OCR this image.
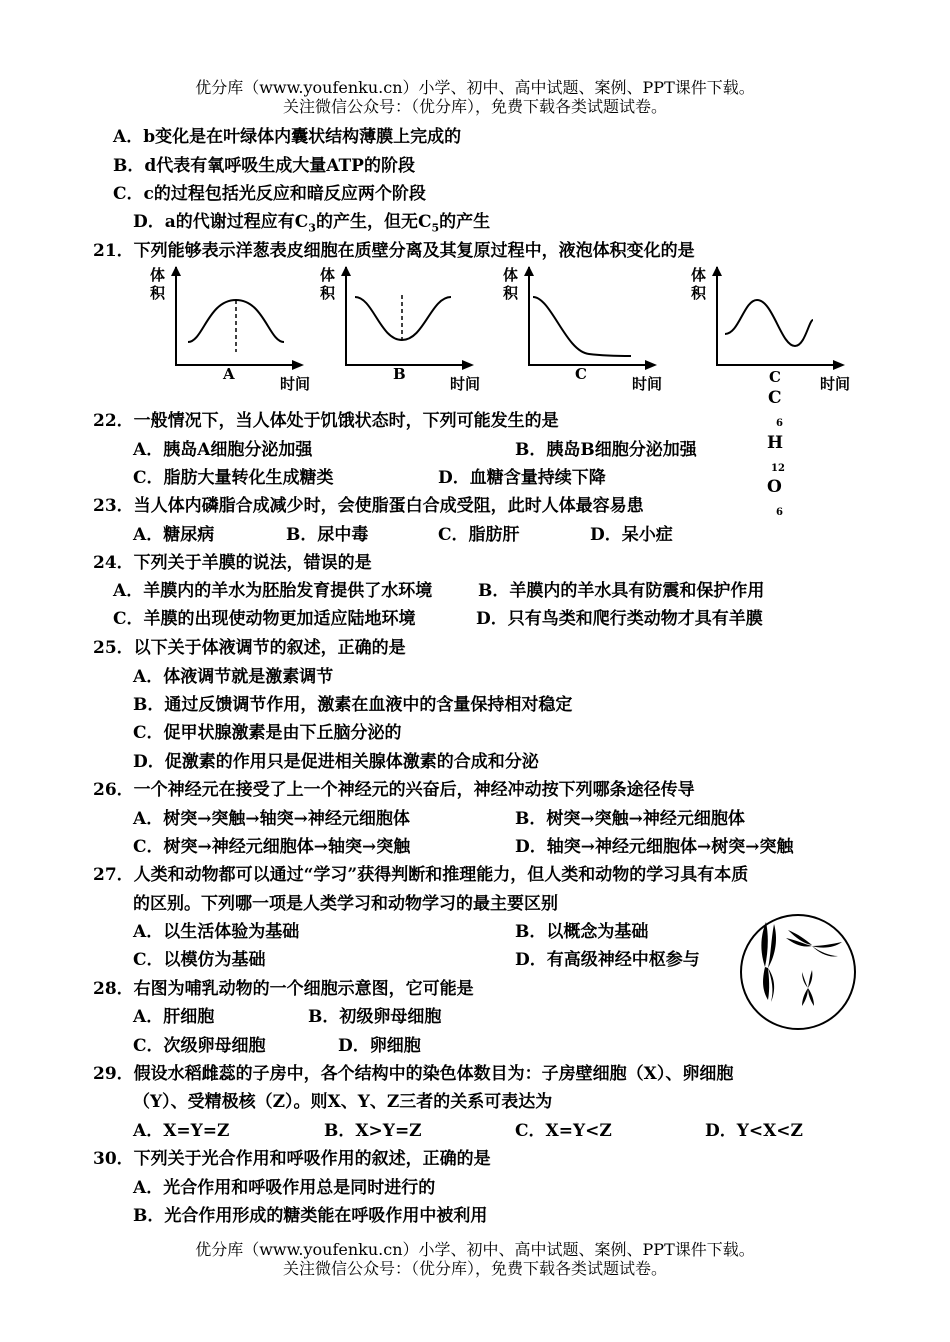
优分库（www.youfenku.cn）小学、初中、高中试题、案例、PPT课件下载。
关注微信公众号：（优分库），免费下载各类试题试卷。
A．b变化是在叶绿体内囊状结构薄膜上完成的
B．d代表有氧呼吸生成大量ATP的阶段
C．c的过程包括光反应和暗反应两个阶段
D．a的代谢过程应有$C_3$的产生，但无$C_5$的产生
21．下列能够表示洋葱表皮细胞在质壁分离及其复原过程中，液泡体积变化的是
体
积
A
时间
体
积
B
时间
体
积
C
时间
体
积
C	时间
C
6
H
12
O
6
22．一般情况下，当人体处于饥饿状态时，下列可能发生的是
A．胰岛A细胞分泌加强	B．胰岛B细胞分泌加强
C．脂肪大量转化生成糖类	D．血糖含量持续下降
23．当人体内磷脂合成减少时，会使脂蛋白合成受阻，此时人体最容易患
A．糖尿病	B．尿中毒	C．脂肪肝	D．呆小症
24．下列关于羊膜的说法，错误的是
A．羊膜内的羊水为胚胎发育提供了水环境	B．羊膜内的羊水具有防震和保护作用
C．羊膜的出现使动物更加适应陆地环境	D．只有鸟类和爬行类动物才具有羊膜
25．以下关于体液调节的叙述，正确的是
A．体液调节就是激素调节
B．通过反馈调节作用，激素在血液中的含量保持相对稳定
C．促甲状腺激素是由下丘脑分泌的
D．促激素的作用只是促进相关腺体激素的合成和分泌
26．一个神经元在接受了上一个神经元的兴奋后，神经冲动按下列哪条途径传导
A．树突→突触→轴突→神经元细胞体	B．树突→突触→神经元细胞体
C．树突→神经元细胞体→轴突→突触	D．轴突→神经元细胞体→树突→突触
27．人类和动物都可以通过“学习”获得判断和推理能力，但人类和动物的学习具有本质
的区别。下列哪一项是人类学习和动物学习的最主要区别
A．以生活体验为基础	B．以概念为基础
C．以模仿为基础	D．有高级神经中枢参与
28．右图为哺乳动物的一个细胞示意图，它可能是
A．肝细胞	B．初级卵母细胞
C．次级卵母细胞	D．卵细胞
29．假设水稻雌蕊的子房中，各个结构中的染色体数目为：子房壁细胞（X）、卵细胞
（Y）、受精极核（Z）。则X、Y、Z三者的关系可表达为
A．X=Y=Z	B．X>Y=Z	C．X=Y<Z	D．Y<X<Z
30．下列关于光合作用和呼吸作用的叙述，正确的是
A．光合作用和呼吸作用总是同时进行的
B．光合作用形成的糖类能在呼吸作用中被利用
优分库（www.youfenku.cn）小学、初中、高中试题、案例、PPT课件下载。
关注微信公众号：（优分库），免费下载各类试题试卷。
